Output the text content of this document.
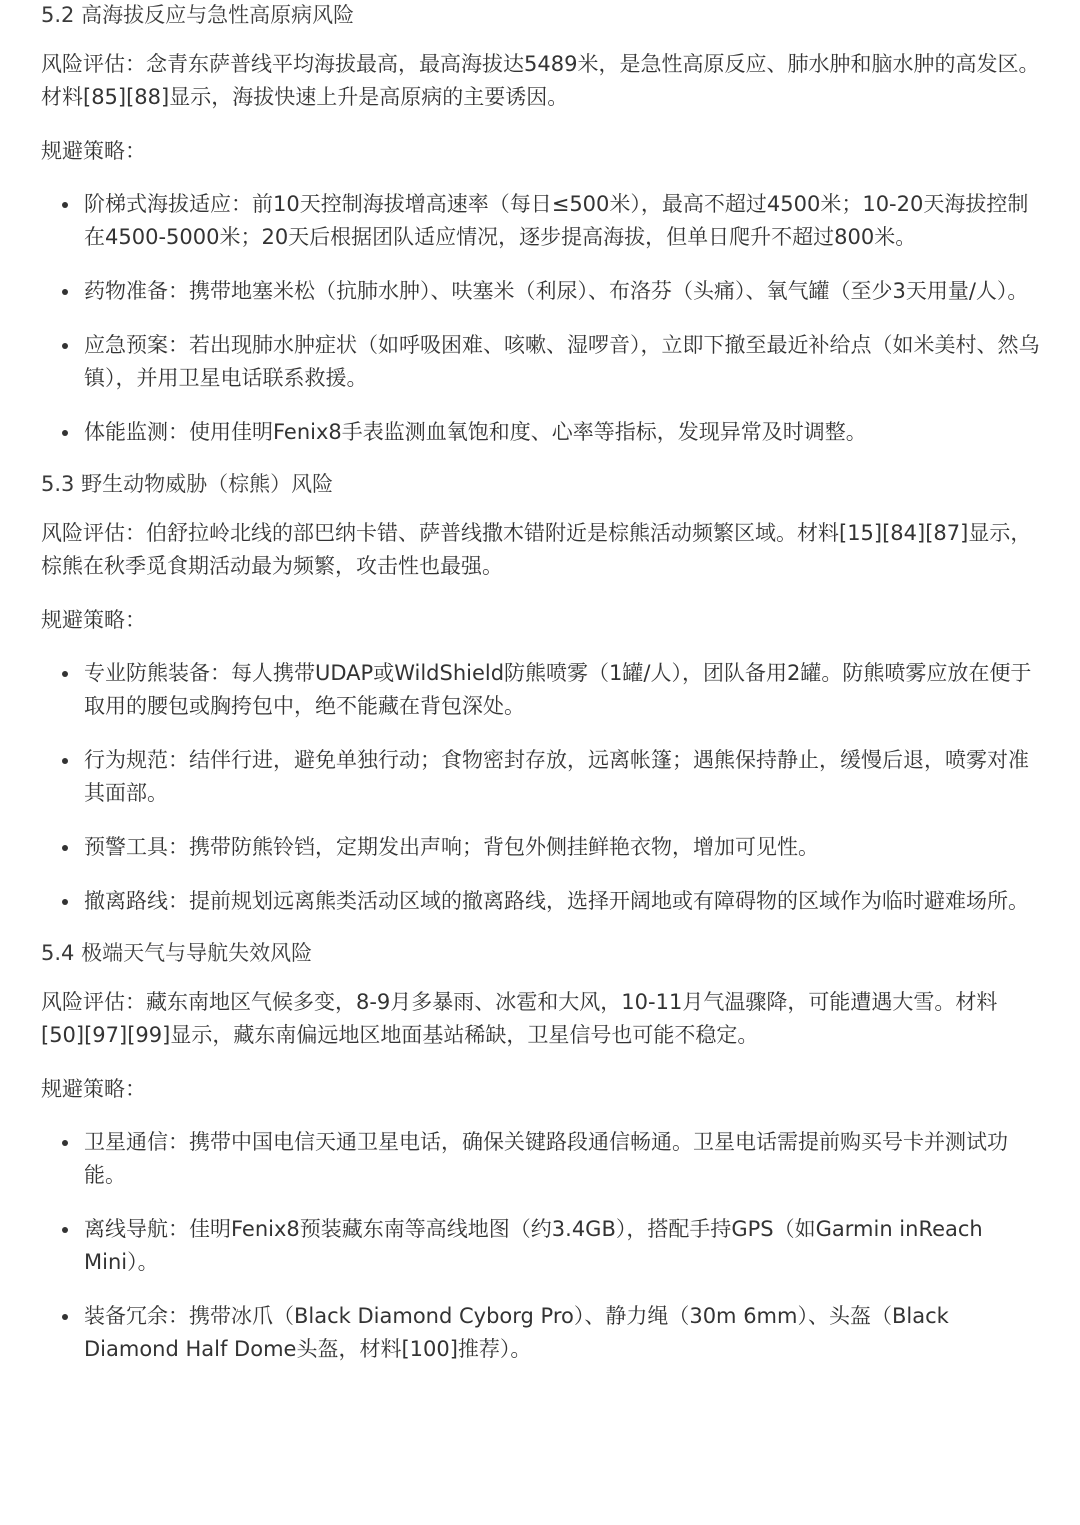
5.2 高海拔反应与急性高原病风险

风险评估：念青东萨普线平均海拔最高，最高海拔达5489米，是急性高原反应、肺水肿和脑水肿的高发区。材料[85][88]显示，海拔快速上升是高原病的主要诱因。

规避策略：

阶梯式海拔适应：前10天控制海拔增高速率（每日≤500米），最高不超过4500米；10-20天海拔控制在4500-5000米；20天后根据团队适应情况，逐步提高海拔，但单日爬升不超过800米。
药物准备：携带地塞米松（抗肺水肿）、呋塞米（利尿）、布洛芬（头痛）、氧气罐（至少3天用量/人）。
应急预案：若出现肺水肿症状（如呼吸困难、咳嗽、湿啰音），立即下撤至最近补给点（如米美村、然乌镇），并用卫星电话联系救援。
体能监测：使用佳明Fenix8手表监测血氧饱和度、心率等指标，发现异常及时调整。
5.3 野生动物威胁（棕熊）风险

风险评估：伯舒拉岭北线的部巴纳卡错、萨普线撒木错附近是棕熊活动频繁区域。材料[15][84][87]显示，棕熊在秋季觅食期活动最为频繁，攻击性也最强。

规避策略：

专业防熊装备：每人携带UDAP或WildShield防熊喷雾（1罐/人），团队备用2罐。防熊喷雾应放在便于取用的腰包或胸挎包中，绝不能藏在背包深处。
行为规范：结伴行进，避免单独行动；食物密封存放，远离帐篷；遇熊保持静止，缓慢后退，喷雾对准其面部。
预警工具：携带防熊铃铛，定期发出声响；背包外侧挂鲜艳衣物，增加可见性。
撤离路线：提前规划远离熊类活动区域的撤离路线，选择开阔地或有障碍物的区域作为临时避难场所。
5.4 极端天气与导航失效风险

风险评估：藏东南地区气候多变，8-9月多暴雨、冰雹和大风，10-11月气温骤降，可能遭遇大雪。材料[50][97][99]显示，藏东南偏远地区地面基站稀缺，卫星信号也可能不稳定。

规避策略：

卫星通信：携带中国电信天通卫星电话，确保关键路段通信畅通。卫星电话需提前购买号卡并测试功能。
离线导航：佳明Fenix8预装藏东南等高线地图（约3.4GB），搭配手持GPS（如Garmin inReach Mini）。
装备冗余：携带冰爪（Black Diamond Cyborg Pro）、静力绳（30m 6mm）、头盔（Black Diamond Half Dome头盔，材料[100]推荐）。
